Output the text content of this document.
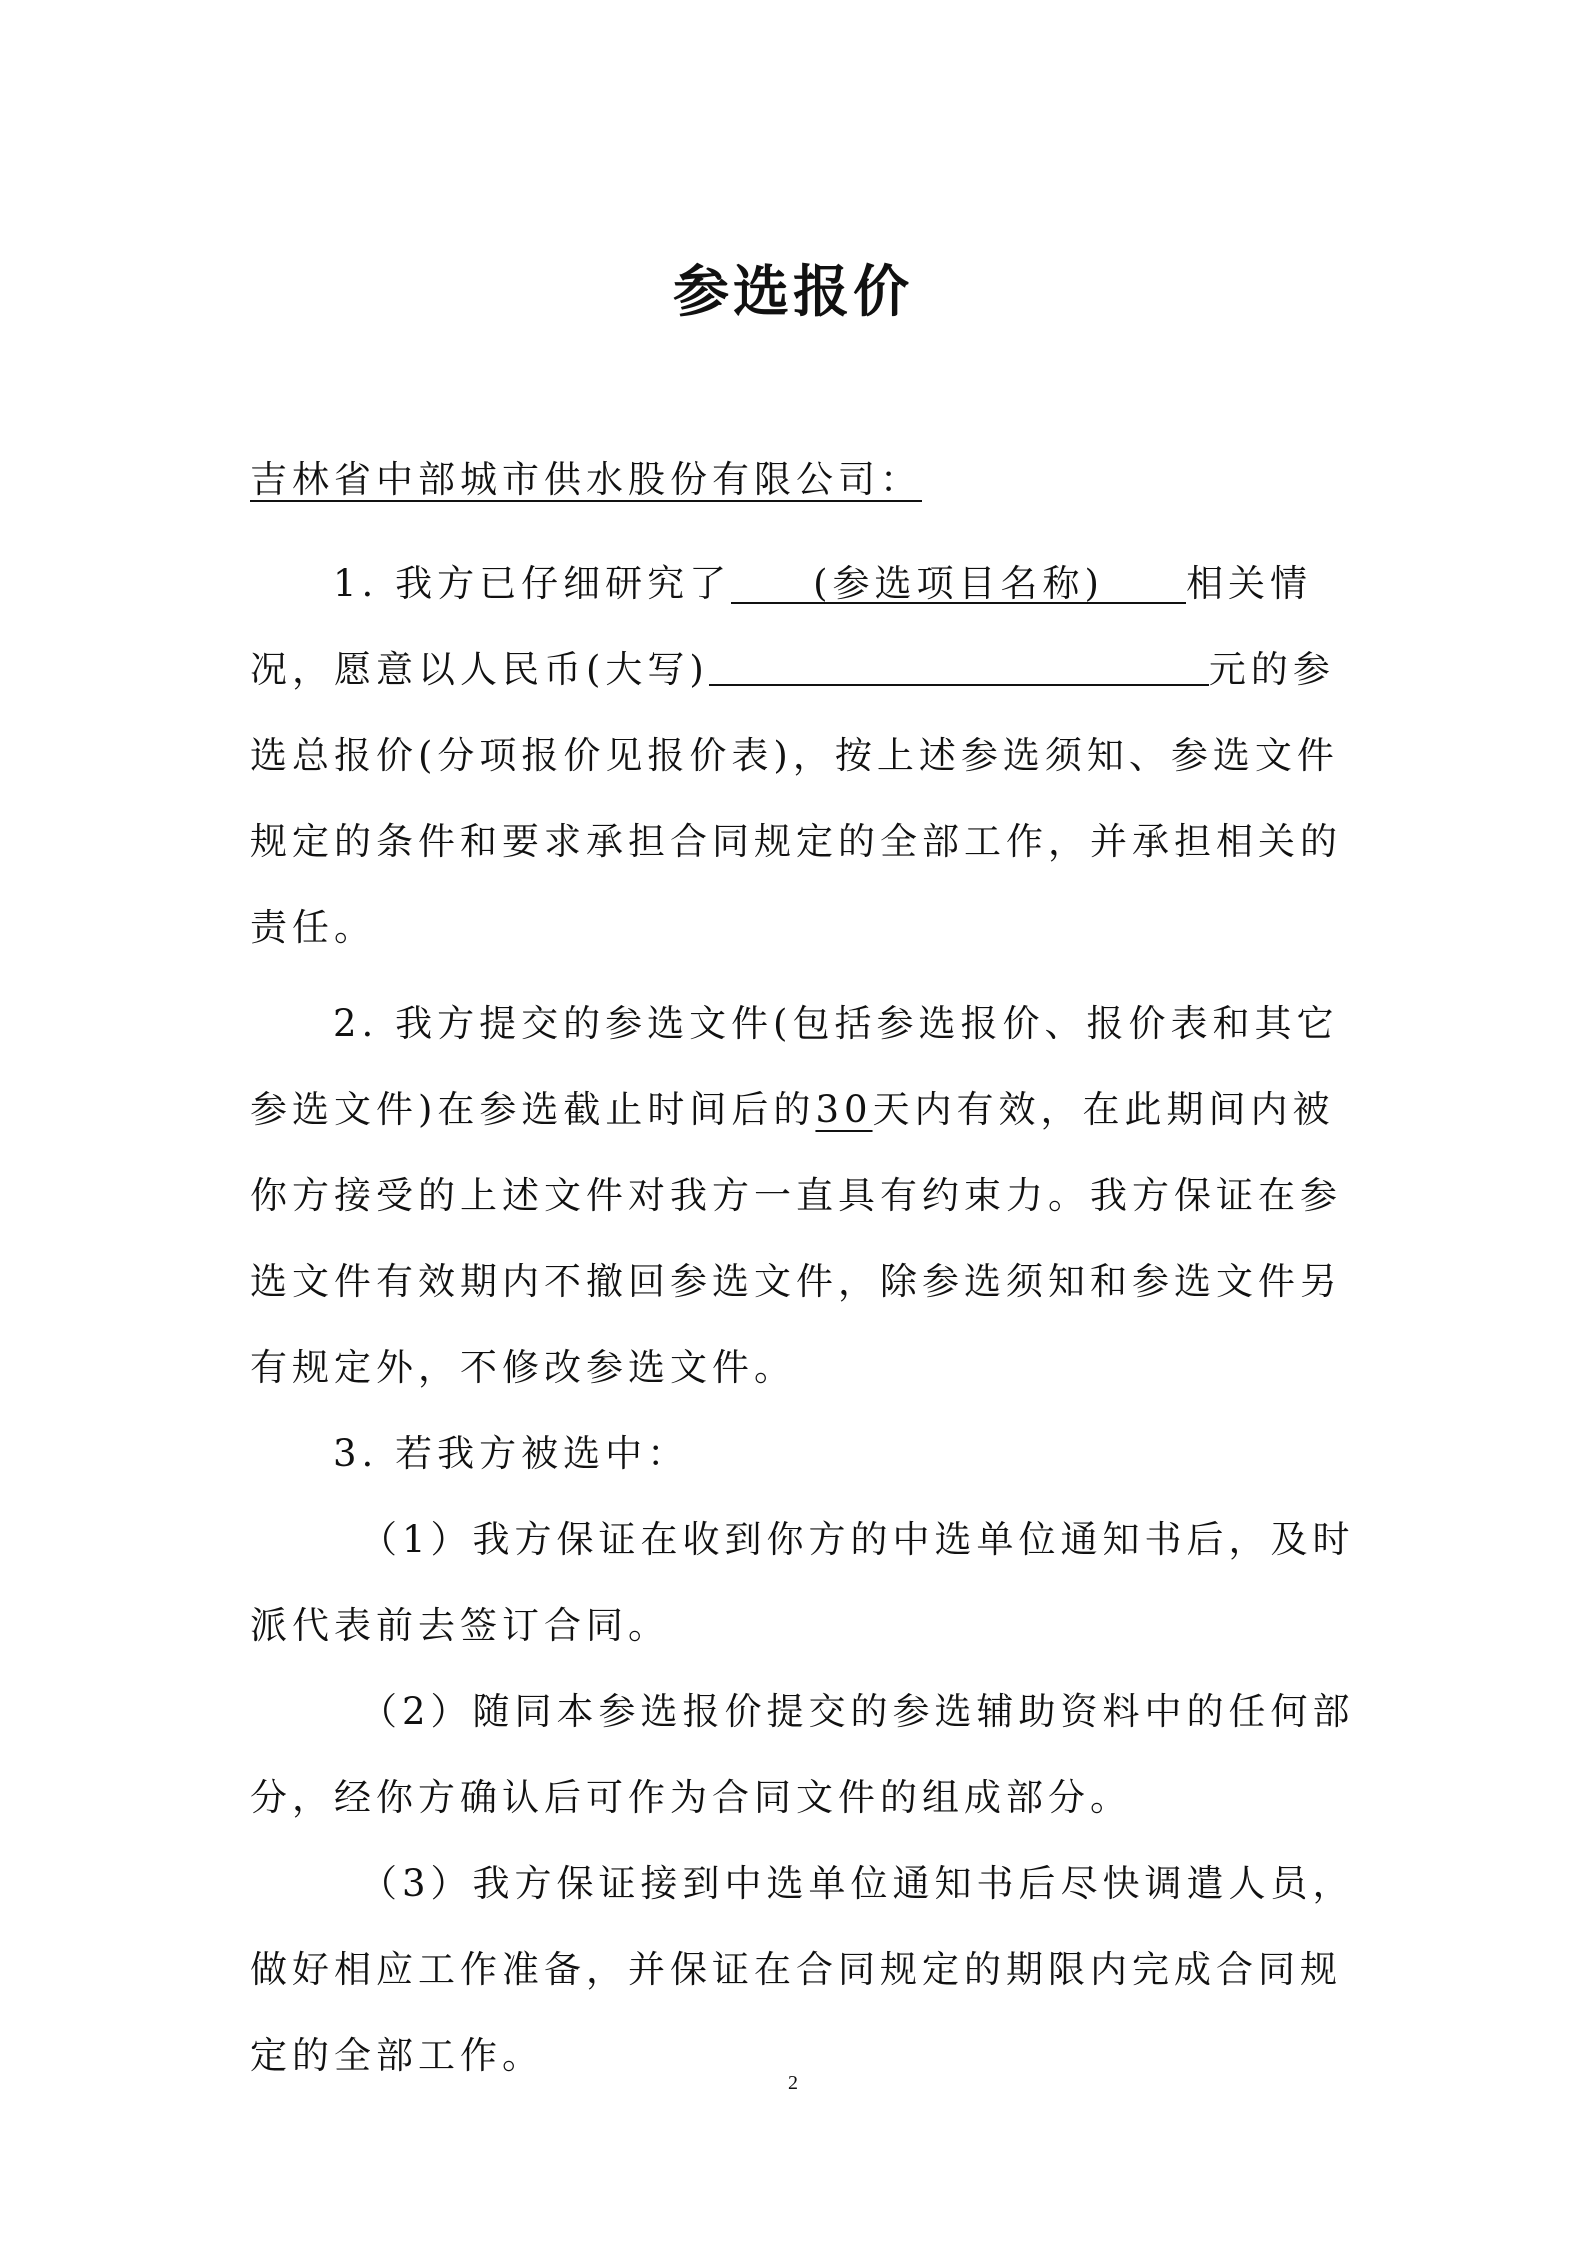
参选报价
吉林省中部城市供水股份有限公司：
1. 我方已仔细研究了 (参选项目名称) 相关情
况，愿意以人民币(大写)	元的参
选总报价(分项报价见报价表)，按上述参选须知、参选文件
规定的条件和要求承担合同规定的全部工作，并承担相关的
责任。
2. 我方提交的参选文件(包括参选报价、报价表和其它
参选文件)在参选截止时间后的30天内有效，在此期间内被
你方接受的上述文件对我方一直具有约束力。我方保证在参
选文件有效期内不撤回参选文件，除参选须知和参选文件另
有规定外，不修改参选文件。
3. 若我方被选中：
（1）我方保证在收到你方的中选单位通知书后，及时
派代表前去签订合同。
（2）随同本参选报价提交的参选辅助资料中的任何部
分，经你方确认后可作为合同文件的组成部分。
（3）我方保证接到中选单位通知书后尽快调遣人员，
做好相应工作准备，并保证在合同规定的期限内完成合同规
定的全部工作。
2
